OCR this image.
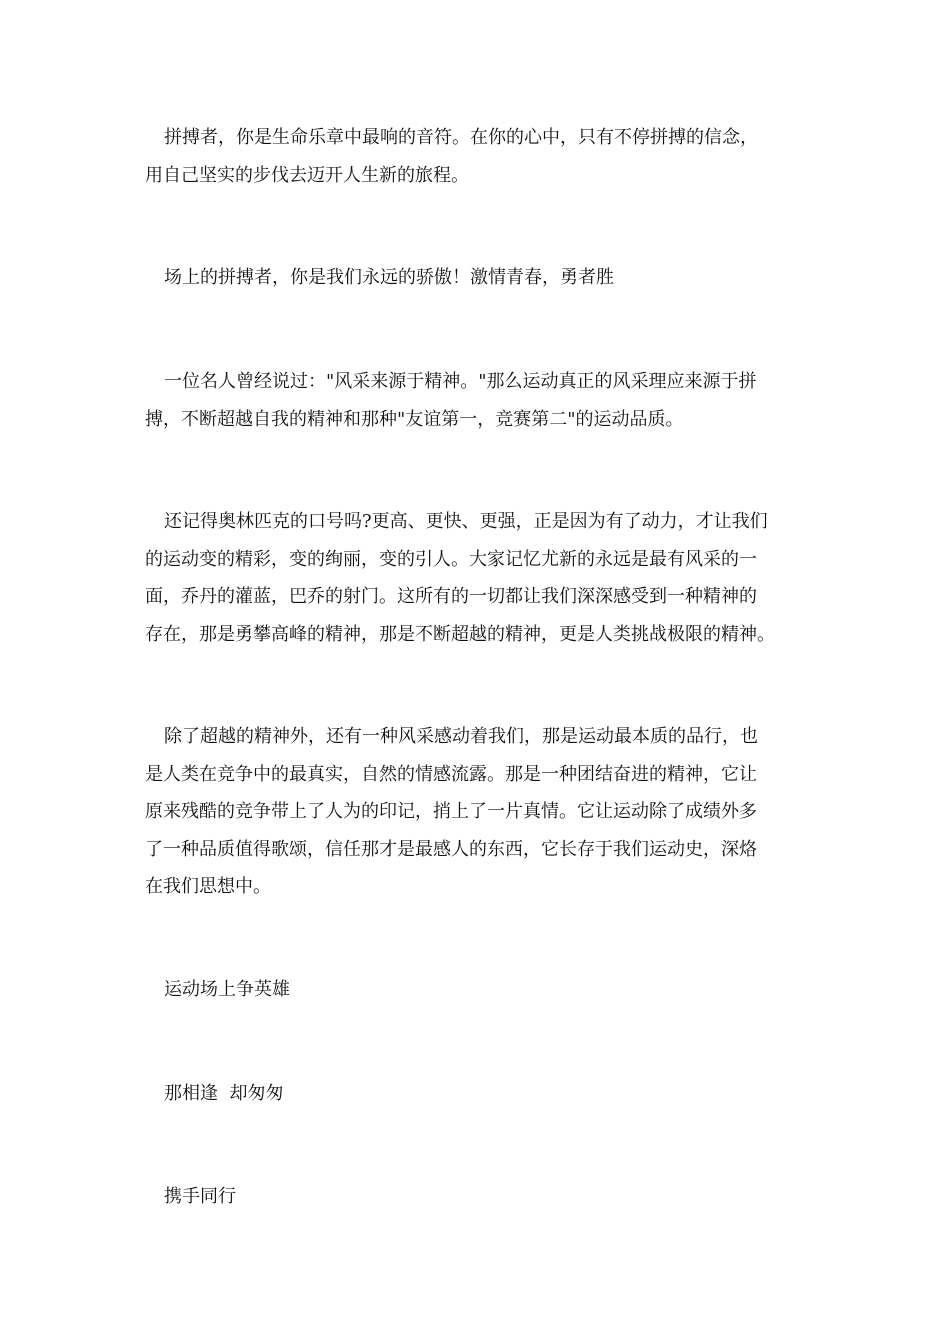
拼搏者，你是生命乐章中最响的音符。在你的心中，只有不停拼搏的信念，
用自己坚实的步伐去迈开人生新的旅程。
场上的拼搏者，你是我们永远的骄傲！激情青春，勇者胜
一位名人曾经说过："风采来源于精神。"那么运动真正的风采理应来源于拼
搏，不断超越自我的精神和那种"友谊第一，竞赛第二"的运动品质。
还记得奥林匹克的口号吗?更高、更快、更强，正是因为有了动力，才让我们
的运动变的精彩，变的绚丽，变的引人。大家记忆尤新的永远是最有风采的一
面，乔丹的灌蓝，巴乔的射门。这所有的一切都让我们深深感受到一种精神的
存在，那是勇攀高峰的精神，那是不断超越的精神，更是人类挑战极限的精神。
除了超越的精神外，还有一种风采感动着我们，那是运动最本质的品行，也
是人类在竞争中的最真实，自然的情感流露。那是一种团结奋进的精神，它让
原来残酷的竞争带上了人为的印记，捎上了一片真情。它让运动除了成绩外多
了一种品质值得歌颂，信任那才是最感人的东西，它长存于我们运动史，深烙
在我们思想中。
运动场上争英雄
那相逢  却匆匆
携手同行
